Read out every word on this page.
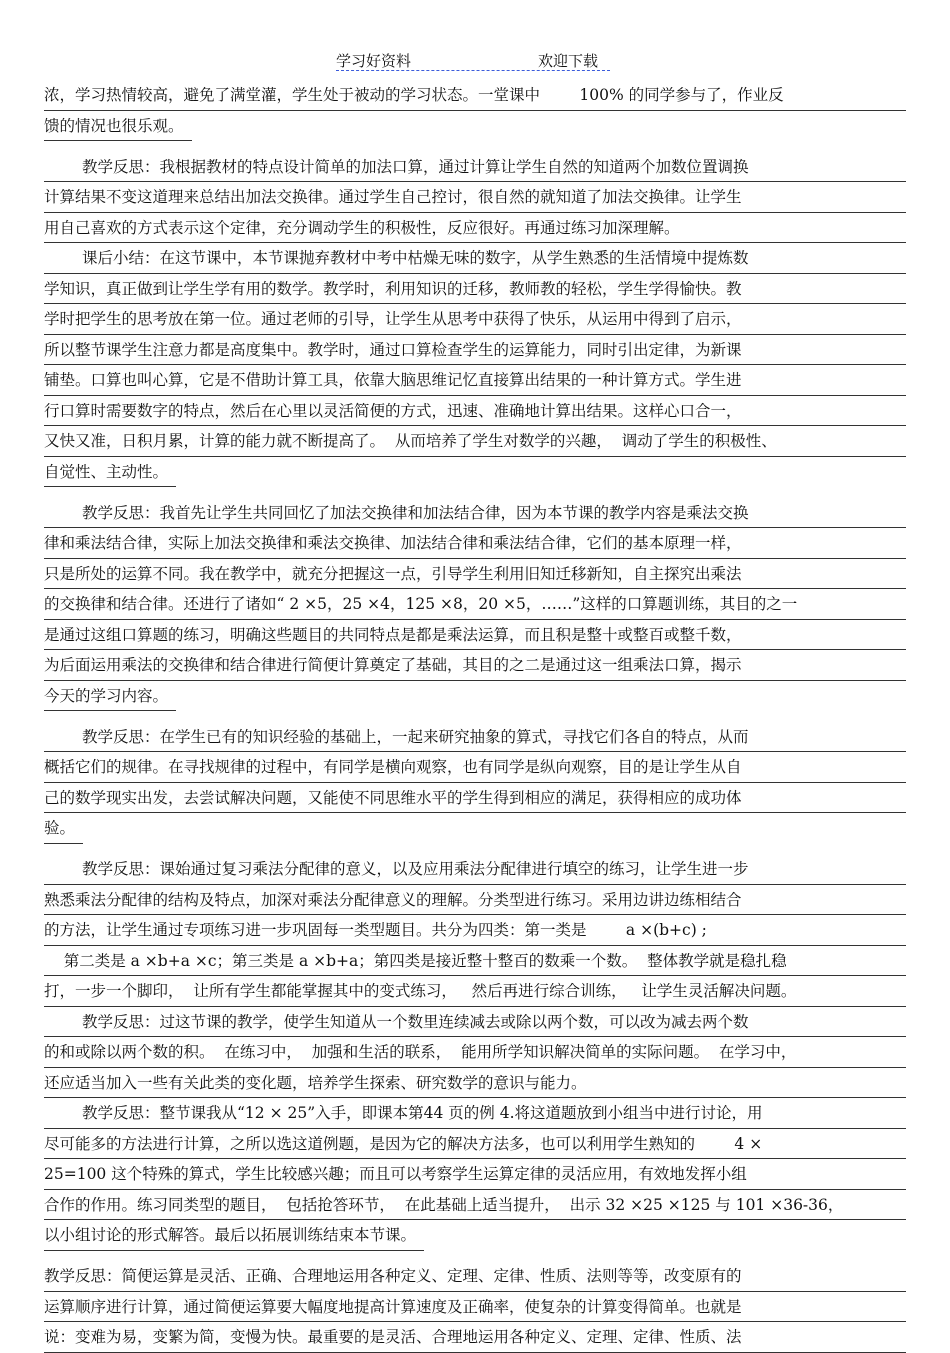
学习好资料	欢迎下载
浓，学习热情较高，避免了满堂灌，学生处于被动的学习状态。一堂课中        100% 的同学参与了，作业反
馈的情况也很乐观。
教学反思：我根据教材的特点设计简单的加法口算，通过计算让学生自然的知道两个加数位置调换
计算结果不变这道理来总结出加法交换律。通过学生自己控讨，很自然的就知道了加法交换律。让学生
用自己喜欢的方式表示这个定律，充分调动学生的积极性，反应很好。再通过练习加深理解。
课后小结：在这节课中，本节课抛弃教材中考中枯燥无味的数字，从学生熟悉的生活情境中提炼数
学知识，真正做到让学生学有用的数学。教学时，利用知识的迁移，教师教的轻松，学生学得愉快。教
学时把学生的思考放在第一位。通过老师的引导，让学生从思考中获得了快乐，从运用中得到了启示，
所以整节课学生注意力都是高度集中。教学时，通过口算检查学生的运算能力，同时引出定律，为新课
铺垫。口算也叫心算，它是不借助计算工具，依靠大脑思维记忆直接算出结果的一种计算方式。学生进
行口算时需要数字的特点，然后在心里以灵活简便的方式，迅速、准确地计算出结果。这样心口合一，
又快又准，日积月累，计算的能力就不断提高了。  从而培养了学生对数学的兴趣，  调动了学生的积极性、
自觉性、主动性。
教学反思：我首先让学生共同回忆了加法交换律和加法结合律，因为本节课的教学内容是乘法交换
律和乘法结合律，实际上加法交换律和乘法交换律、加法结合律和乘法结合律，它们的基本原理一样，
只是所处的运算不同。我在教学中，就充分把握这一点，引导学生利用旧知迁移新知，自主探究出乘法
的交换律和结合律。还进行了诸如“ 2 ×5，25 ×4，125 ×8，20 ×5，……”这样的口算题训练，其目的之一
是通过这组口算题的练习，明确这些题目的共同特点是都是乘法运算，而且积是整十或整百或整千数，
为后面运用乘法的交换律和结合律进行简便计算奠定了基础，其目的之二是通过这一组乘法口算，揭示
今天的学习内容。
教学反思：在学生已有的知识经验的基础上，一起来研究抽象的算式，寻找它们各自的特点，从而
概括它们的规律。在寻找规律的过程中，有同学是横向观察，也有同学是纵向观察，目的是让学生从自
己的数学现实出发，去尝试解决问题，又能使不同思维水平的学生得到相应的满足，获得相应的成功体
验。
教学反思：课始通过复习乘法分配律的意义，以及应用乘法分配律进行填空的练习，让学生进一步
熟悉乘法分配律的结构及特点，加深对乘法分配律意义的理解。分类型进行练习。采用边讲边练相结合
的方法，让学生通过专项练习进一步巩固每一类型题目。共分为四类：第一类是        a ×(b+c) ;
第二类是 a ×b+a ×c；第三类是 a ×b+a；第四类是接近整十整百的数乘一个数。  整体教学就是稳扎稳
打，一步一个脚印，  让所有学生都能掌握其中的变式练习，   然后再进行综合训练，   让学生灵活解决问题。
教学反思：过这节课的教学，使学生知道从一个数里连续减去或除以两个数，可以改为减去两个数
的和或除以两个数的积。  在练习中，  加强和生活的联系，  能用所学知识解决简单的实际问题。  在学习中，
还应适当加入一些有关此类的变化题，培养学生探索、研究数学的意识与能力。
教学反思：整节课我从“12 × 25”入手，即课本第44 页的例 4.将这道题放到小组当中进行讨论，用
尽可能多的方法进行计算，之所以选这道例题，是因为它的解决方法多，也可以利用学生熟知的        4 ×
25=100 这个特殊的算式，学生比较感兴趣；而且可以考察学生运算定律的灵活应用，有效地发挥小组
合作的作用。练习同类型的题目，  包括抢答环节，  在此基础上适当提升，  出示 32 ×25 ×125 与 101 ×36-36，
以小组讨论的形式解答。最后以拓展训练结束本节课。
教学反思：简便运算是灵活、正确、合理地运用各种定义、定理、定律、性质、法则等等，改变原有的
运算顺序进行计算，通过简便运算要大幅度地提高计算速度及正确率，使复杂的计算变得简单。也就是
说：变难为易，变繁为简，变慢为快。最重要的是灵活、合理地运用各种定义、定理、定律、性质、法
